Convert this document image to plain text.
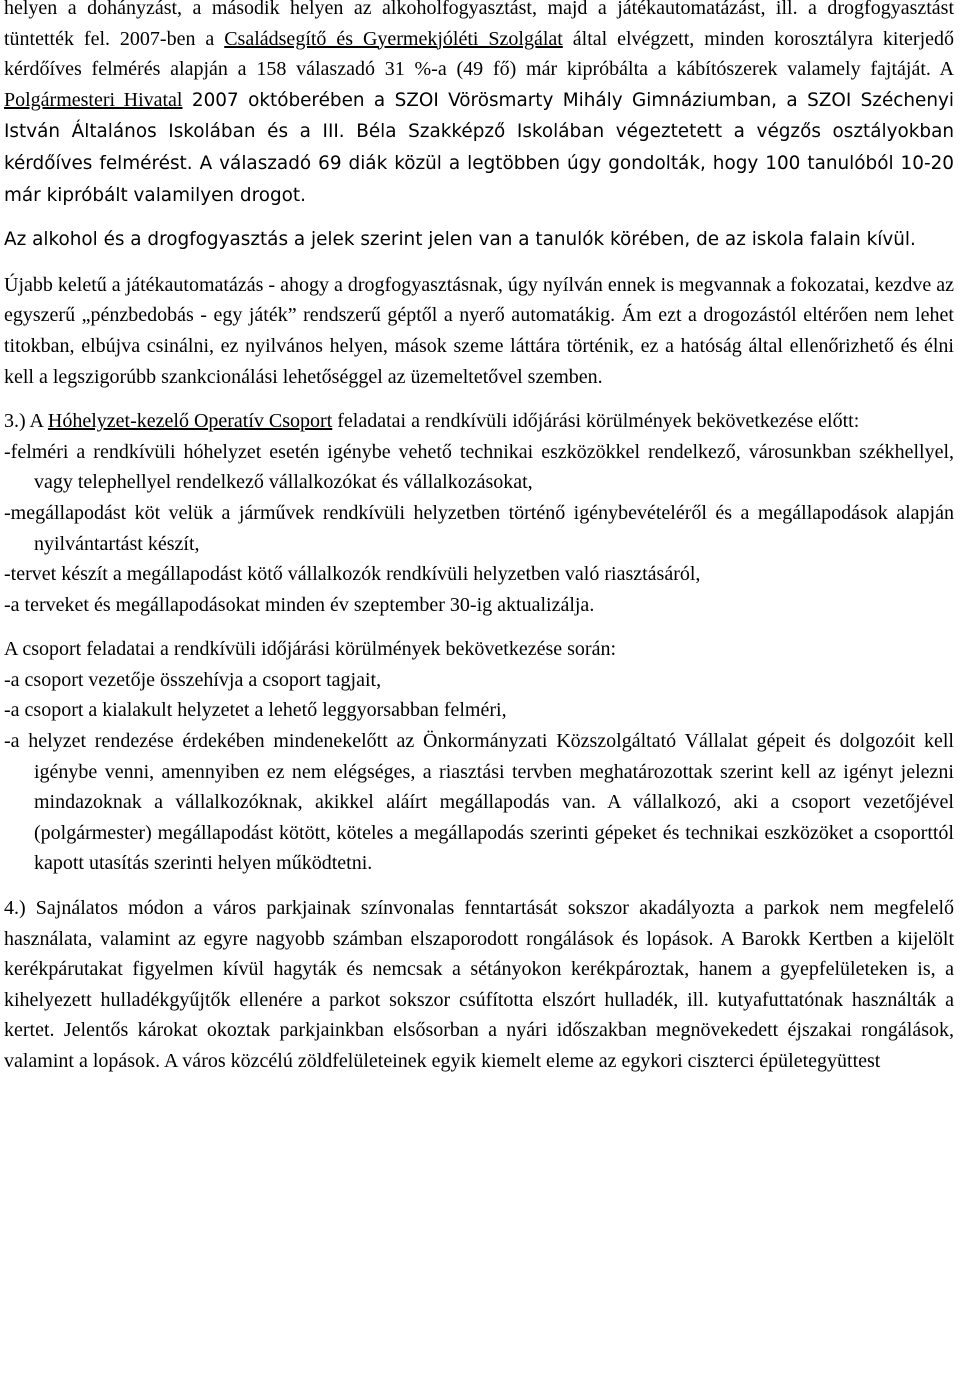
helyen a dohányzást, a második helyen az alkoholfogyasztást, majd a játékautomatázást, ill. a drogfogyasztást tüntették fel. 2007-ben a Családsegítő és Gyermekjóléti Szolgálat által elvégzett, minden korosztályra kiterjedő kérdőíves felmérés alapján a 158 válaszadó 31 %-a (49 fő) már kipróbálta a kábítószerek valamely fajtáját. A Polgármesteri Hivatal 2007 októberében a SZOI Vörösmarty Mihály Gimnáziumban, a SZOI Széchenyi István Általános Iskolában és a III. Béla Szakképző Iskolában végeztetett a végzős osztályokban kérdőíves felmérést. A válaszadó 69 diák közül a legtöbben úgy gondolták, hogy 100 tanulóból 10-20 már kipróbált valamilyen drogot.

Az alkohol és a drogfogyasztás a jelek szerint jelen van a tanulók körében, de az iskola falain kívül.

Újabb keletű a játékautomatázás - ahogy a drogfogyasztásnak, úgy nyílván ennek is megvannak a fokozatai, kezdve az egyszerű „pénzbedobás - egy játék” rendszerű géptől a nyerő automatákig. Ám ezt a drogozástól eltérően nem lehet titokban, elbújva csinálni, ez nyilvános helyen, mások szeme láttára történik, ez a hatóság által ellenőrizhető és élni kell a legszigorúbb szankcionálási lehetőséggel az üzemeltetővel szemben.

3.) A Hóhelyzet-kezelő Operatív Csoport feladatai a rendkívüli időjárási körülmények bekövetkezése előtt:

-felméri a rendkívüli hóhelyzet esetén igénybe vehető technikai eszközökkel rendelkező, városunkban székhellyel, vagy telephellyel rendelkező vállalkozókat és vállalkozásokat,

-megállapodást köt velük a járművek rendkívüli helyzetben történő igénybevételéről és a megállapodások alapján nyilvántartást készít,

-tervet készít a megállapodást kötő vállalkozók rendkívüli helyzetben való riasztásáról,

-a terveket és megállapodásokat minden év szeptember 30-ig aktualizálja.

A csoport feladatai a rendkívüli időjárási körülmények bekövetkezése során:

-a csoport vezetője összehívja a csoport tagjait,

-a csoport a kialakult helyzetet a lehető leggyorsabban felméri,

-a helyzet rendezése érdekében mindenekelőtt az Önkormányzati Közszolgáltató Vállalat gépeit és dolgozóit kell igénybe venni, amennyiben ez nem elégséges, a riasztási tervben meghatározottak szerint kell az igényt jelezni mindazoknak a vállalkozóknak, akikkel aláírt megállapodás van. A vállalkozó, aki a csoport vezetőjével (polgármester) megállapodást kötött, köteles a megállapodás szerinti gépeket és technikai eszközöket a csoporttól kapott utasítás szerinti helyen működtetni.

4.) Sajnálatos módon a város parkjainak színvonalas fenntartását sokszor akadályozta a parkok nem megfelelő használata, valamint az egyre nagyobb számban elszaporodott rongálások és lopások. A Barokk Kertben a kijelölt kerékpárutakat figyelmen kívül hagyták és nemcsak a sétányokon kerékpároztak, hanem a gyepfelületeken is, a kihelyezett hulladékgyűjtők ellenére a parkot sokszor csúfította elszórt hulladék, ill. kutyafuttatónak használták a kertet. Jelentős károkat okoztak parkjainkban elsősorban a nyári időszakban megnövekedett éjszakai rongálások, valamint a lopások. A város közcélú zöldfelületeinek egyik kiemelt eleme az egykori ciszterci épületegyüttest
